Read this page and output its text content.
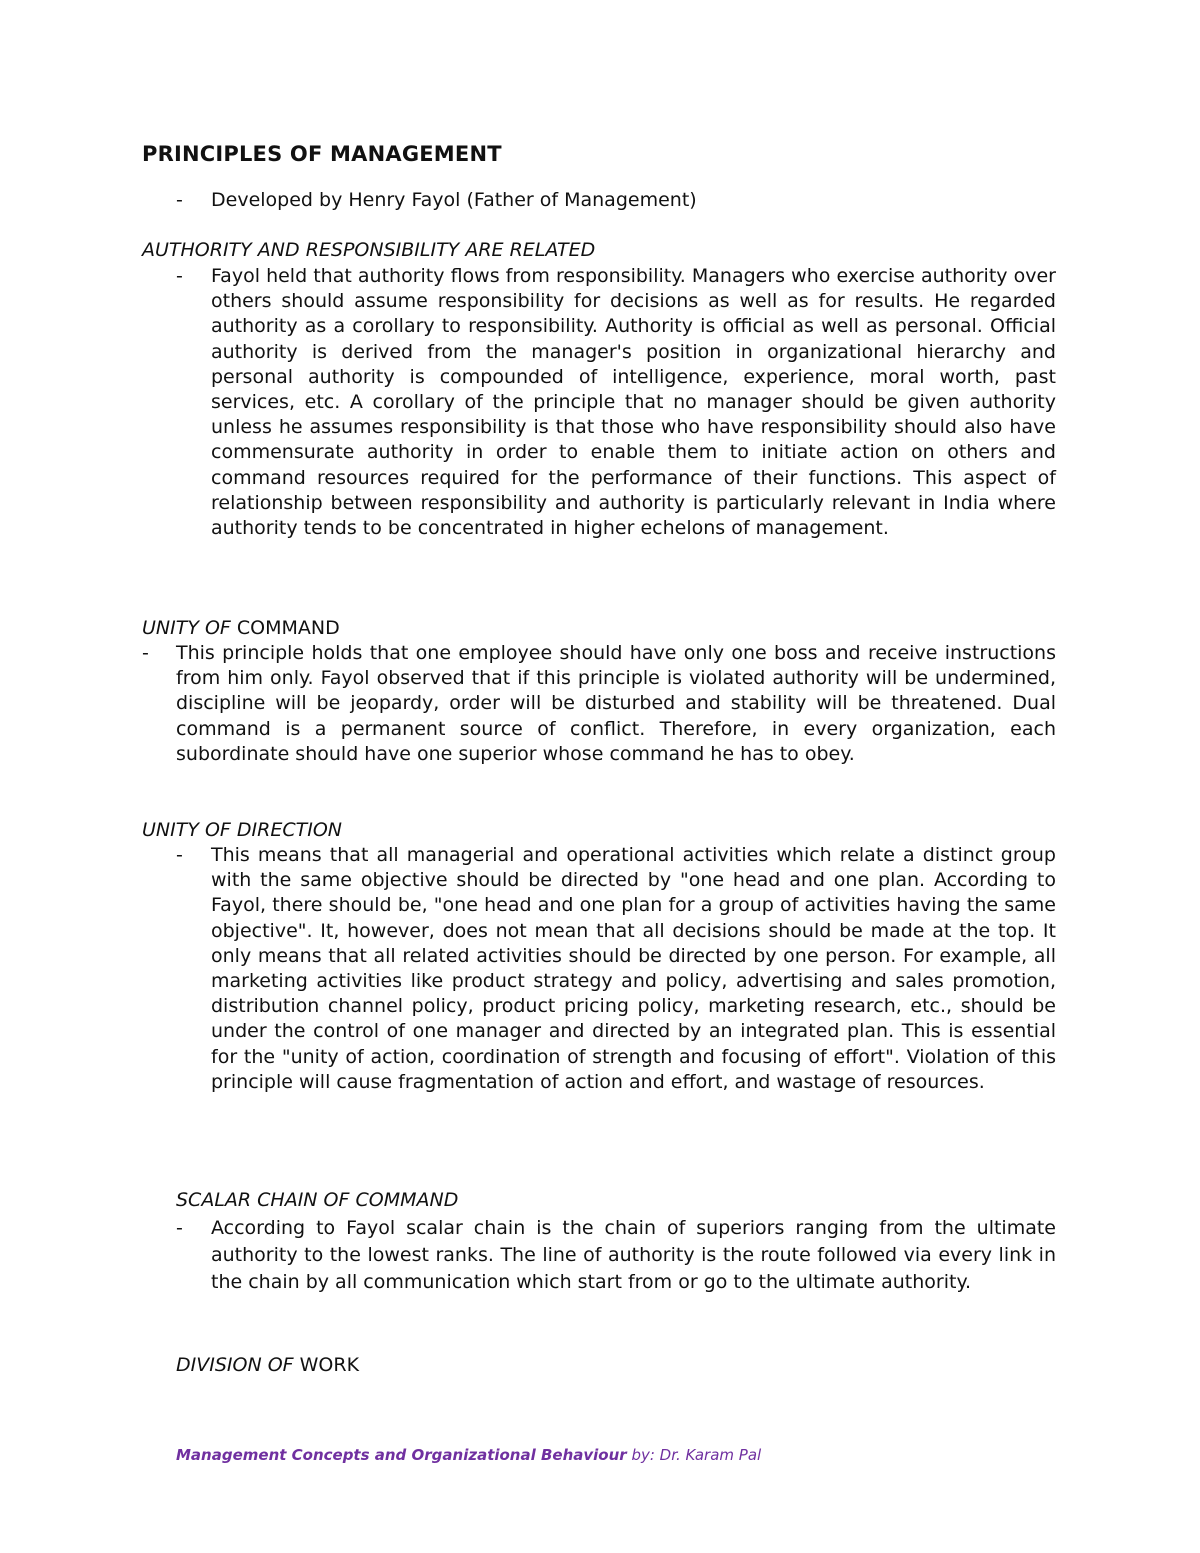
PRINCIPLES OF MANAGEMENT
-	Developed by Henry Fayol (Father of Management)
AUTHORITY AND RESPONSIBILITY ARE RELATED
-	Fayol held that authority flows from responsibility. Managers who exercise authority over others should assume responsibility for decisions as well as for results. He regarded authority as a corollary to responsibility. Authority is official as well as personal. Official authority is derived from the manager's position in organizational hierarchy and personal authority is compounded of intelligence, experience, moral worth, past services, etc. A corollary of the principle that no manager should be given authority unless he assumes responsibility is that those who have responsibility should also have commensurate authority in order to enable them to initiate action on others and command resources required for the performance of their functions. This aspect of relationship between responsibility and authority is particularly relevant in India where authority tends to be concentrated in higher echelons of management.
UNITY OF COMMAND
-	This principle holds that one employee should have only one boss and receive instructions from him only. Fayol observed that if this principle is violated authority will be undermined, discipline will be jeopardy, order will be disturbed and stability will be threatened. Dual command is a permanent source of conflict. Therefore, in every organization, each subordinate should have one superior whose command he has to obey.
UNITY OF DIRECTION
-	This means that all managerial and operational activities which relate a distinct group with the same objective should be directed by "one head and one plan. According to Fayol, there should be, "one head and one plan for a group of activities having the same objective". It, however, does not mean that all decisions should be made at the top. It only means that all related activities should be directed by one person. For example, all marketing activities like product strategy and policy, advertising and sales promotion, distribution channel policy, product pricing policy, marketing research, etc., should be under the control of one manager and directed by an integrated plan. This is essential for the "unity of action, coordination of strength and focusing of effort". Violation of this principle will cause fragmentation of action and effort, and wastage of resources.
SCALAR CHAIN OF COMMAND
-	According to Fayol scalar chain is the chain of superiors ranging from the ultimate authority to the lowest ranks. The line of authority is the route followed via every link in the chain by all communication which start from or go to the ultimate authority.
DIVISION OF WORK
Management Concepts and Organizational Behaviour by: Dr. Karam Pal
